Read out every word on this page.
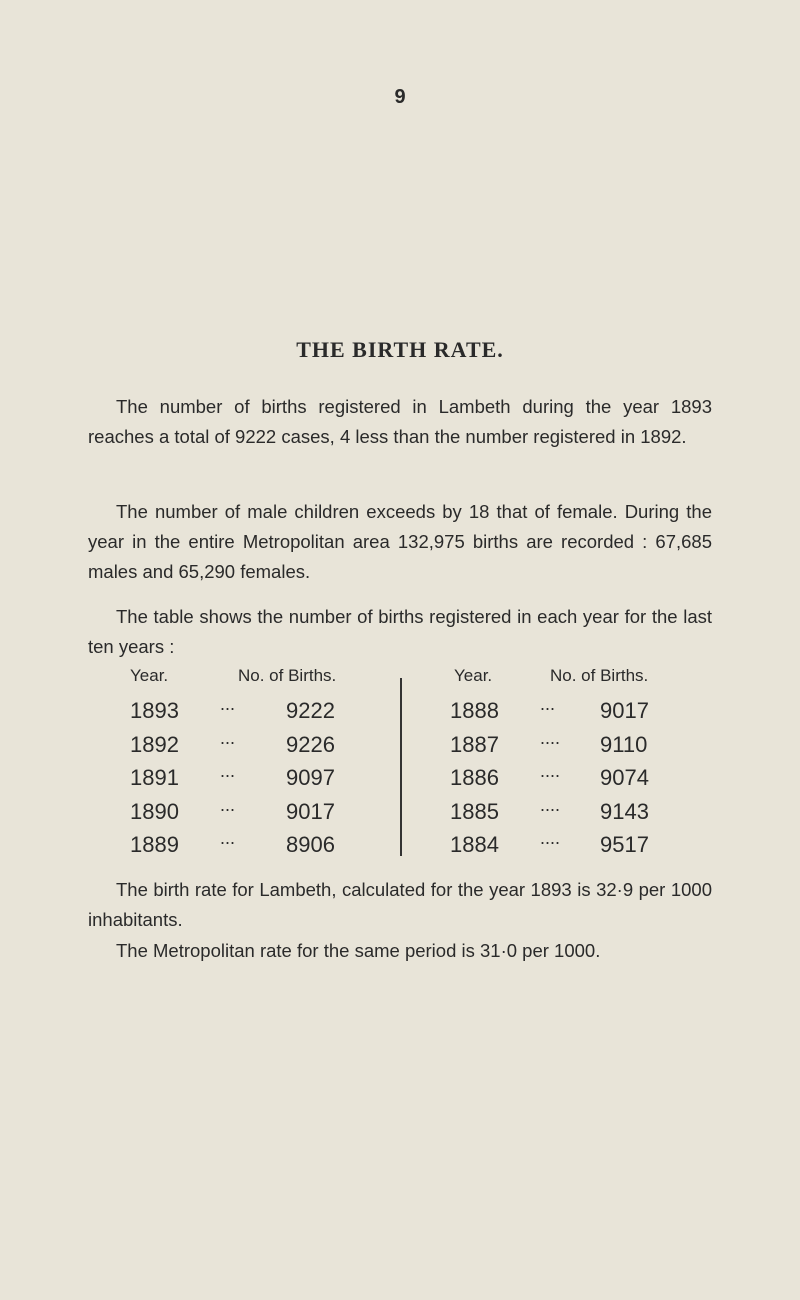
9
THE BIRTH RATE.

The number of births registered in Lambeth during the year 1893 reaches a total of 9222 cases, 4 less than the number registered in 1892.

The number of male children exceeds by 18 that of female. During the year in the entire Metropolitan area 132,975 births are recorded : 67,685 males and 65,290 females.

The table shows the number of births registered in each year for the last ten years :

Year.	No. of Births.
1893 ... 9222
1892 ... 9226
1891 ... 9097
1890 ... 9017
1889 ... 8906
Year.	No. of Births.
1888 ... 9017
1887 .... 9110
1886 .... 9074
1885 .... 9143
1884 .... 9517

The birth rate for Lambeth, calculated for the year 1893 is 32·9 per 1000 inhabitants.

The Metropolitan rate for the same period is 31·0 per 1000.
